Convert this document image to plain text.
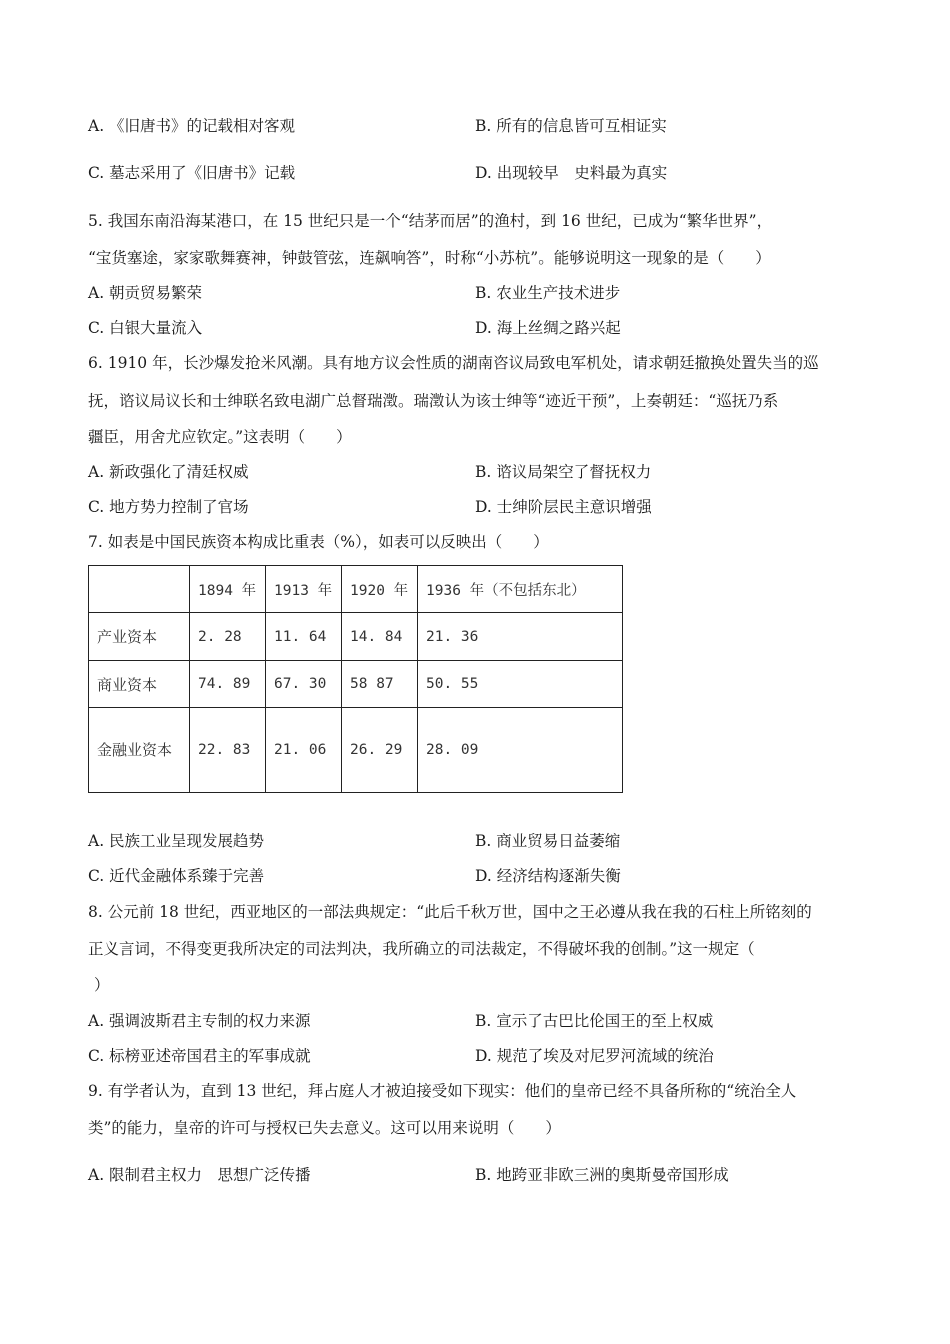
A. 《旧唐书》的记载相对客观	B. 所有的信息皆可互相证实
C. 墓志采用了《旧唐书》记载	D. 出现较早　史料最为真实
5. 我国东南沿海某港口，在 15 世纪只是一个“结茅而居”的渔村，到 16 世纪，已成为“繁华世界”，
“宝货塞途，家家歌舞赛神，钟鼓管弦，连飙响答”，时称“小苏杭”。能够说明这一现象的是（　　）
A. 朝贡贸易繁荣	B. 农业生产技术进步
C. 白银大量流入	D. 海上丝绸之路兴起
6. 1910 年，长沙爆发抢米风潮。具有地方议会性质的湖南咨议局致电军机处，请求朝廷撤换处置失当的巡
抚，谘议局议长和士绅联名致电湖广总督瑞澂。瑞澂认为该士绅等“迹近干预”，上奏朝廷：“巡抚乃系
疆臣，用舍尤应钦定。”这表明（　　）
A. 新政强化了清廷权威	B. 谘议局架空了督抚权力
C. 地方势力控制了官场	D. 士绅阶层民主意识增强
7. 如表是中国民族资本构成比重表（%），如表可以反映出（　　）
	1894 年	1913 年	1920 年	1936 年（不包括东北）
产业资本	2. 28	11. 64	14. 84	21. 36
商业资本	74. 89	67. 30	58 87	50. 55
金融业资本	22. 83	21. 06	26. 29	28. 09
A. 民族工业呈现发展趋势	B. 商业贸易日益萎缩
C. 近代金融体系臻于完善	D. 经济结构逐渐失衡
8. 公元前 18 世纪，西亚地区的一部法典规定：“此后千秋万世，国中之王必遵从我在我的石柱上所铭刻的
正义言词，不得变更我所决定的司法判决，我所确立的司法裁定，不得破坏我的创制。”这一规定（
）
A. 强调波斯君主专制的权力来源	B. 宣示了古巴比伦国王的至上权威
C. 标榜亚述帝国君主的军事成就	D. 规范了埃及对尼罗河流域的统治
9. 有学者认为，直到 13 世纪，拜占庭人才被迫接受如下现实：他们的皇帝已经不具备所称的“统治全人
类”的能力，皇帝的许可与授权已失去意义。这可以用来说明（　　）
A. 限制君主权力　思想广泛传播	B. 地跨亚非欧三洲的奥斯曼帝国形成
